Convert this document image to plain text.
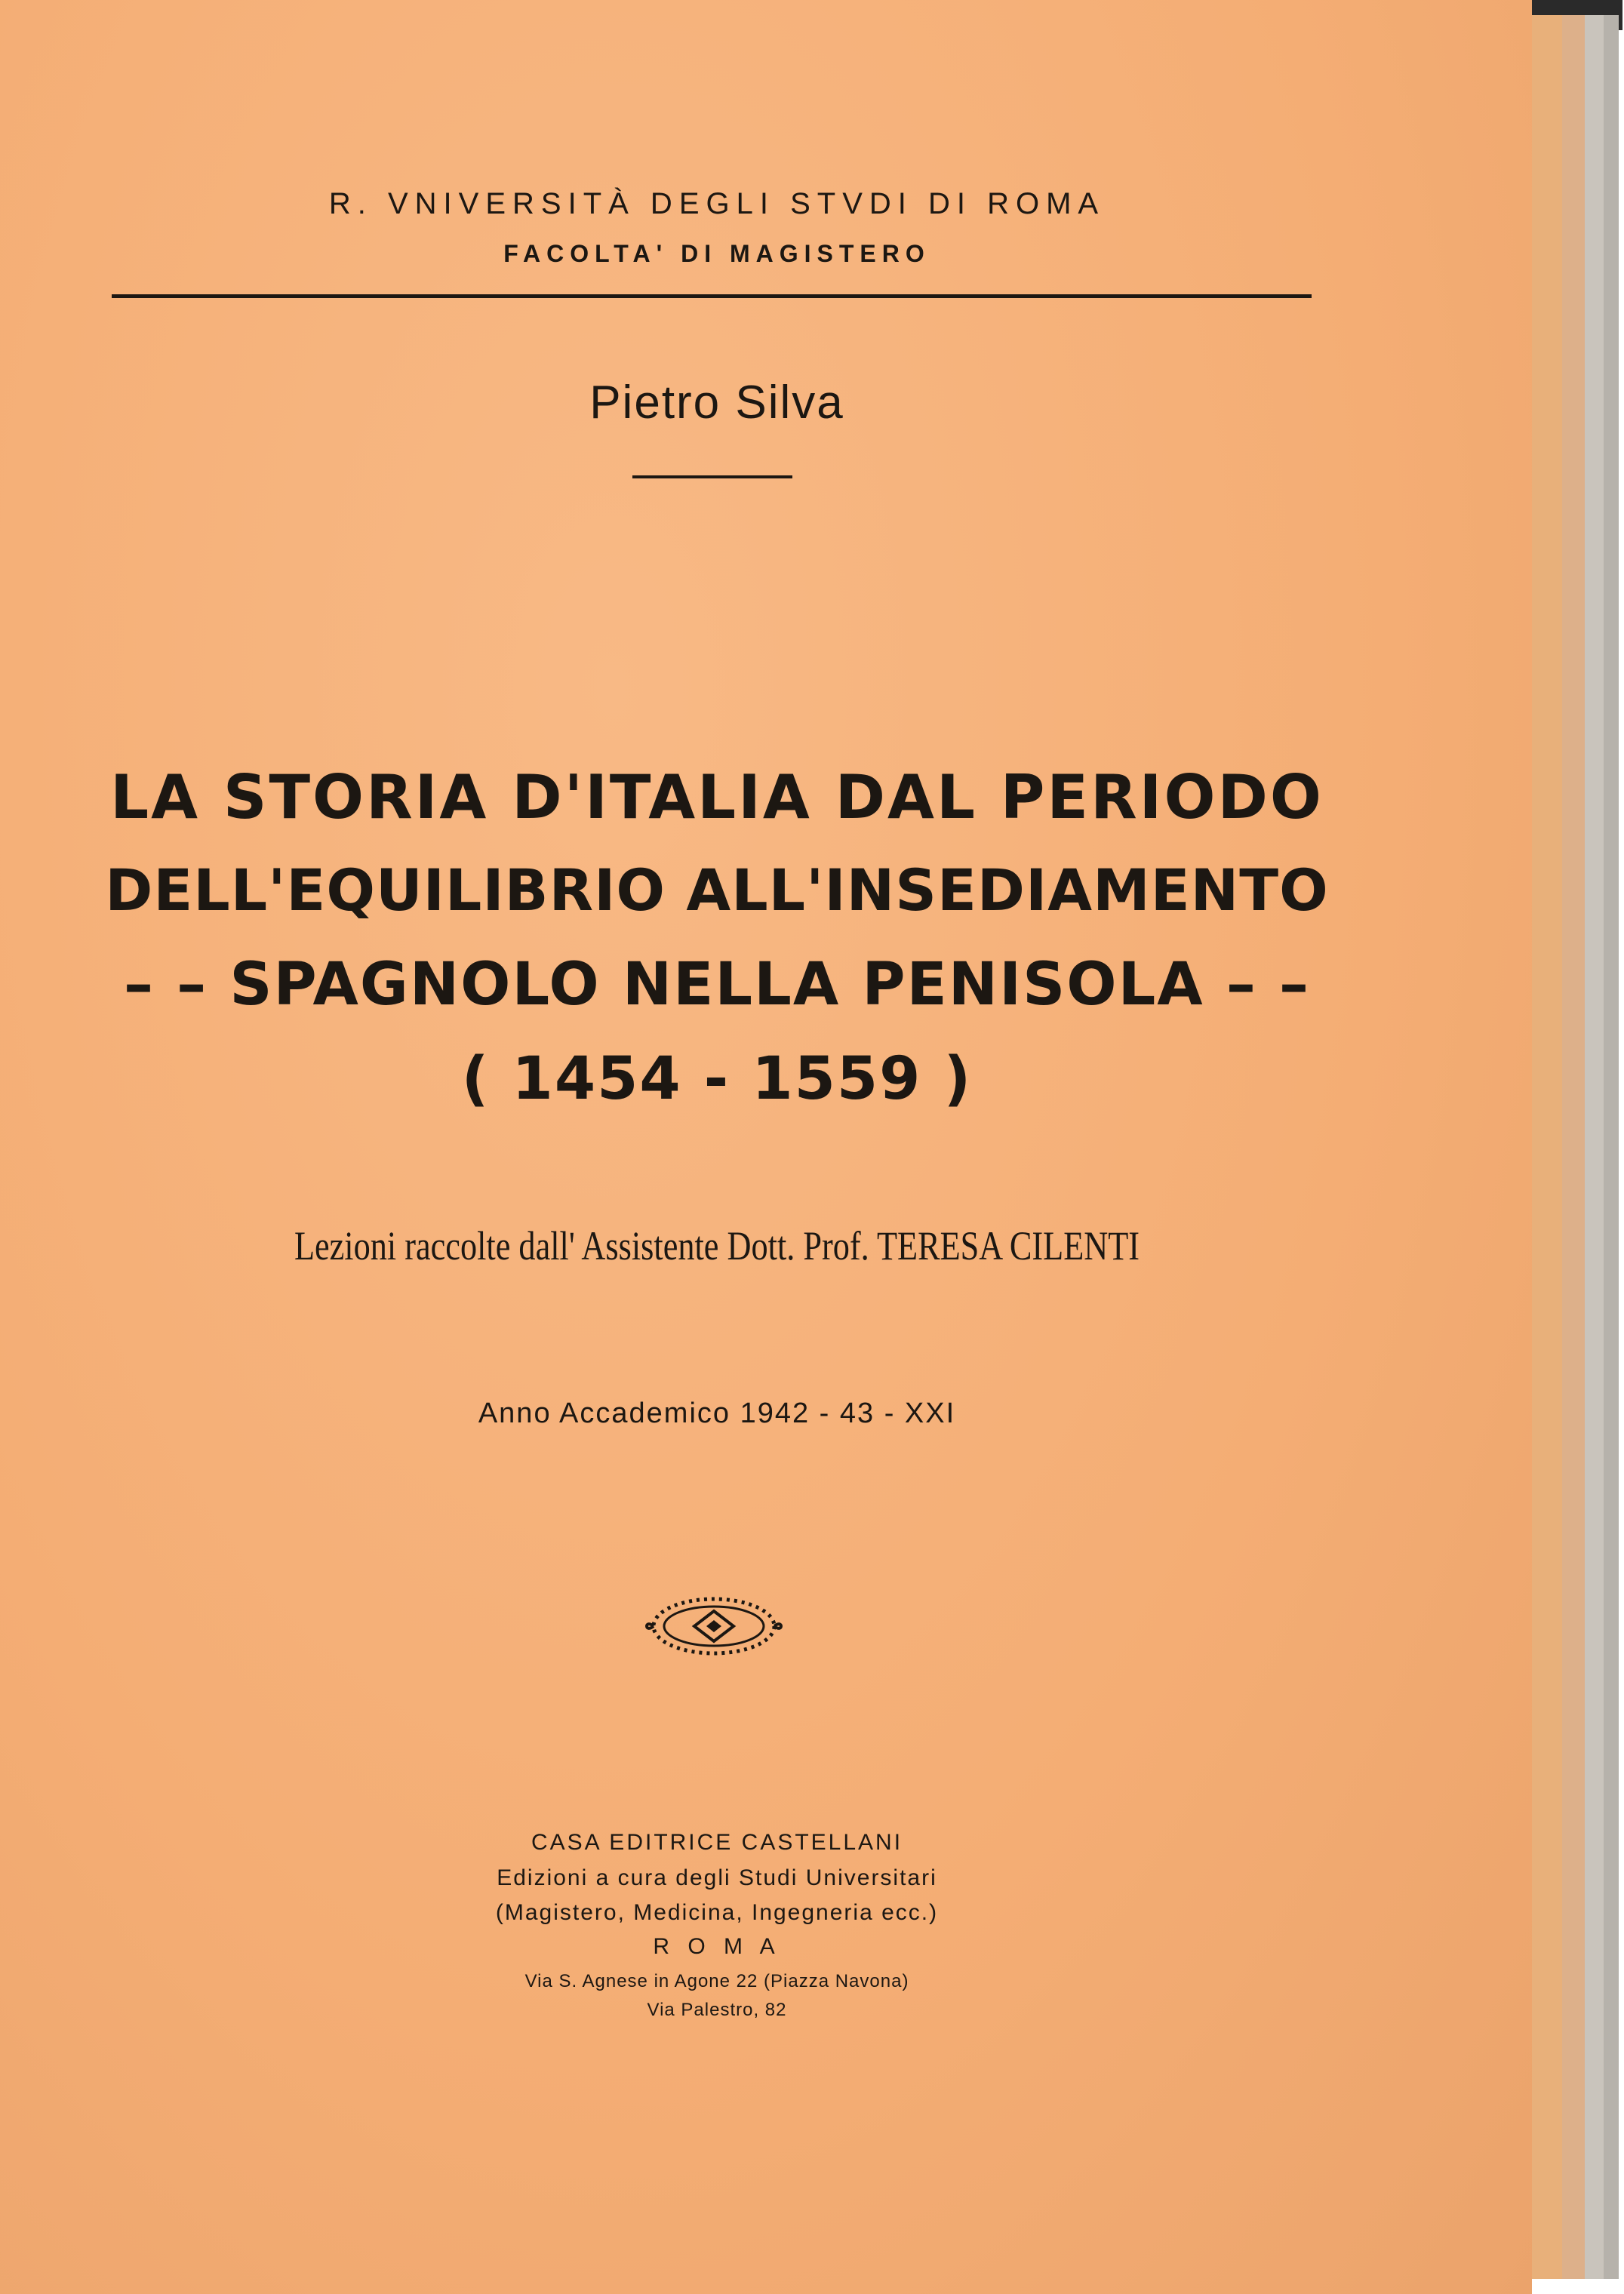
R. VNIVERSITÀ DEGLI STVDI DI ROMA
FACOLTA' DI MAGISTERO
Pietro Silva
LA STORIA D'ITALIA DAL PERIODO
DELL'EQUILIBRIO ALL'INSEDIAMENTO
– – SPAGNOLO NELLA PENISOLA – –
( 1454 - 1559 )
Lezioni raccolte dall' Assistente Dott. Prof. TERESA CILENTI
Anno Accademico 1942 - 43 - XXI
CASA EDITRICE CASTELLANI
Edizioni a cura degli Studi Universitari
(Magistero, Medicina, Ingegneria ecc.)
R O M A
Via S. Agnese in Agone 22 (Piazza Navona)
Via Palestro, 82
